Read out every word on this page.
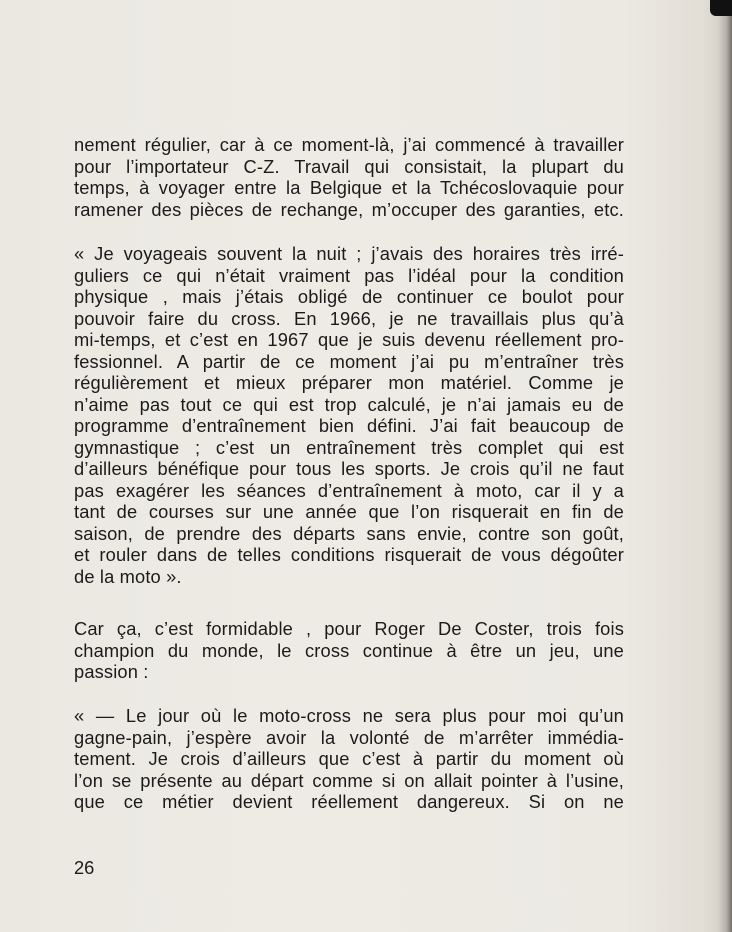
nement régulier, car à ce moment-là, j’ai commencé à travailler
pour l’importateur C-Z. Travail qui consistait, la plupart du
temps, à voyager entre la Belgique et la Tchécoslovaquie pour
ramener des pièces de rechange, m’occuper des garanties, etc.
« Je voyageais souvent la nuit ; j’avais des horaires très irré-
guliers ce qui n’était vraiment pas l’idéal pour la condition
physique , mais j’étais obligé de continuer ce boulot pour
pouvoir faire du cross. En 1966, je ne travaillais plus qu’à
mi-temps, et c’est en 1967 que je suis devenu réellement pro-
fessionnel. A partir de ce moment j’ai pu m’entraîner très
régulièrement et mieux préparer mon matériel. Comme je
n’aime pas tout ce qui est trop calculé, je n’ai jamais eu de
programme d’entraînement bien défini. J’ai fait beaucoup de
gymnastique ; c’est un entraînement très complet qui est
d’ailleurs bénéfique pour tous les sports. Je crois qu’il ne faut
pas exagérer les séances d’entraînement à moto, car il y a
tant de courses sur une année que l’on risquerait en fin de
saison, de prendre des départs sans envie, contre son goût,
et rouler dans de telles conditions risquerait de vous dégoûter
de la moto ».
Car ça, c’est formidable , pour Roger De Coster, trois fois
champion du monde, le cross continue à être un jeu, une
passion :
« — Le jour où le moto-cross ne sera plus pour moi qu’un
gagne-pain, j’espère avoir la volonté de m’arrêter immédia-
tement. Je crois d’ailleurs que c’est à partir du moment où
l’on se présente au départ comme si on allait pointer à l’usine,
que ce métier devient réellement dangereux. Si on ne
26
